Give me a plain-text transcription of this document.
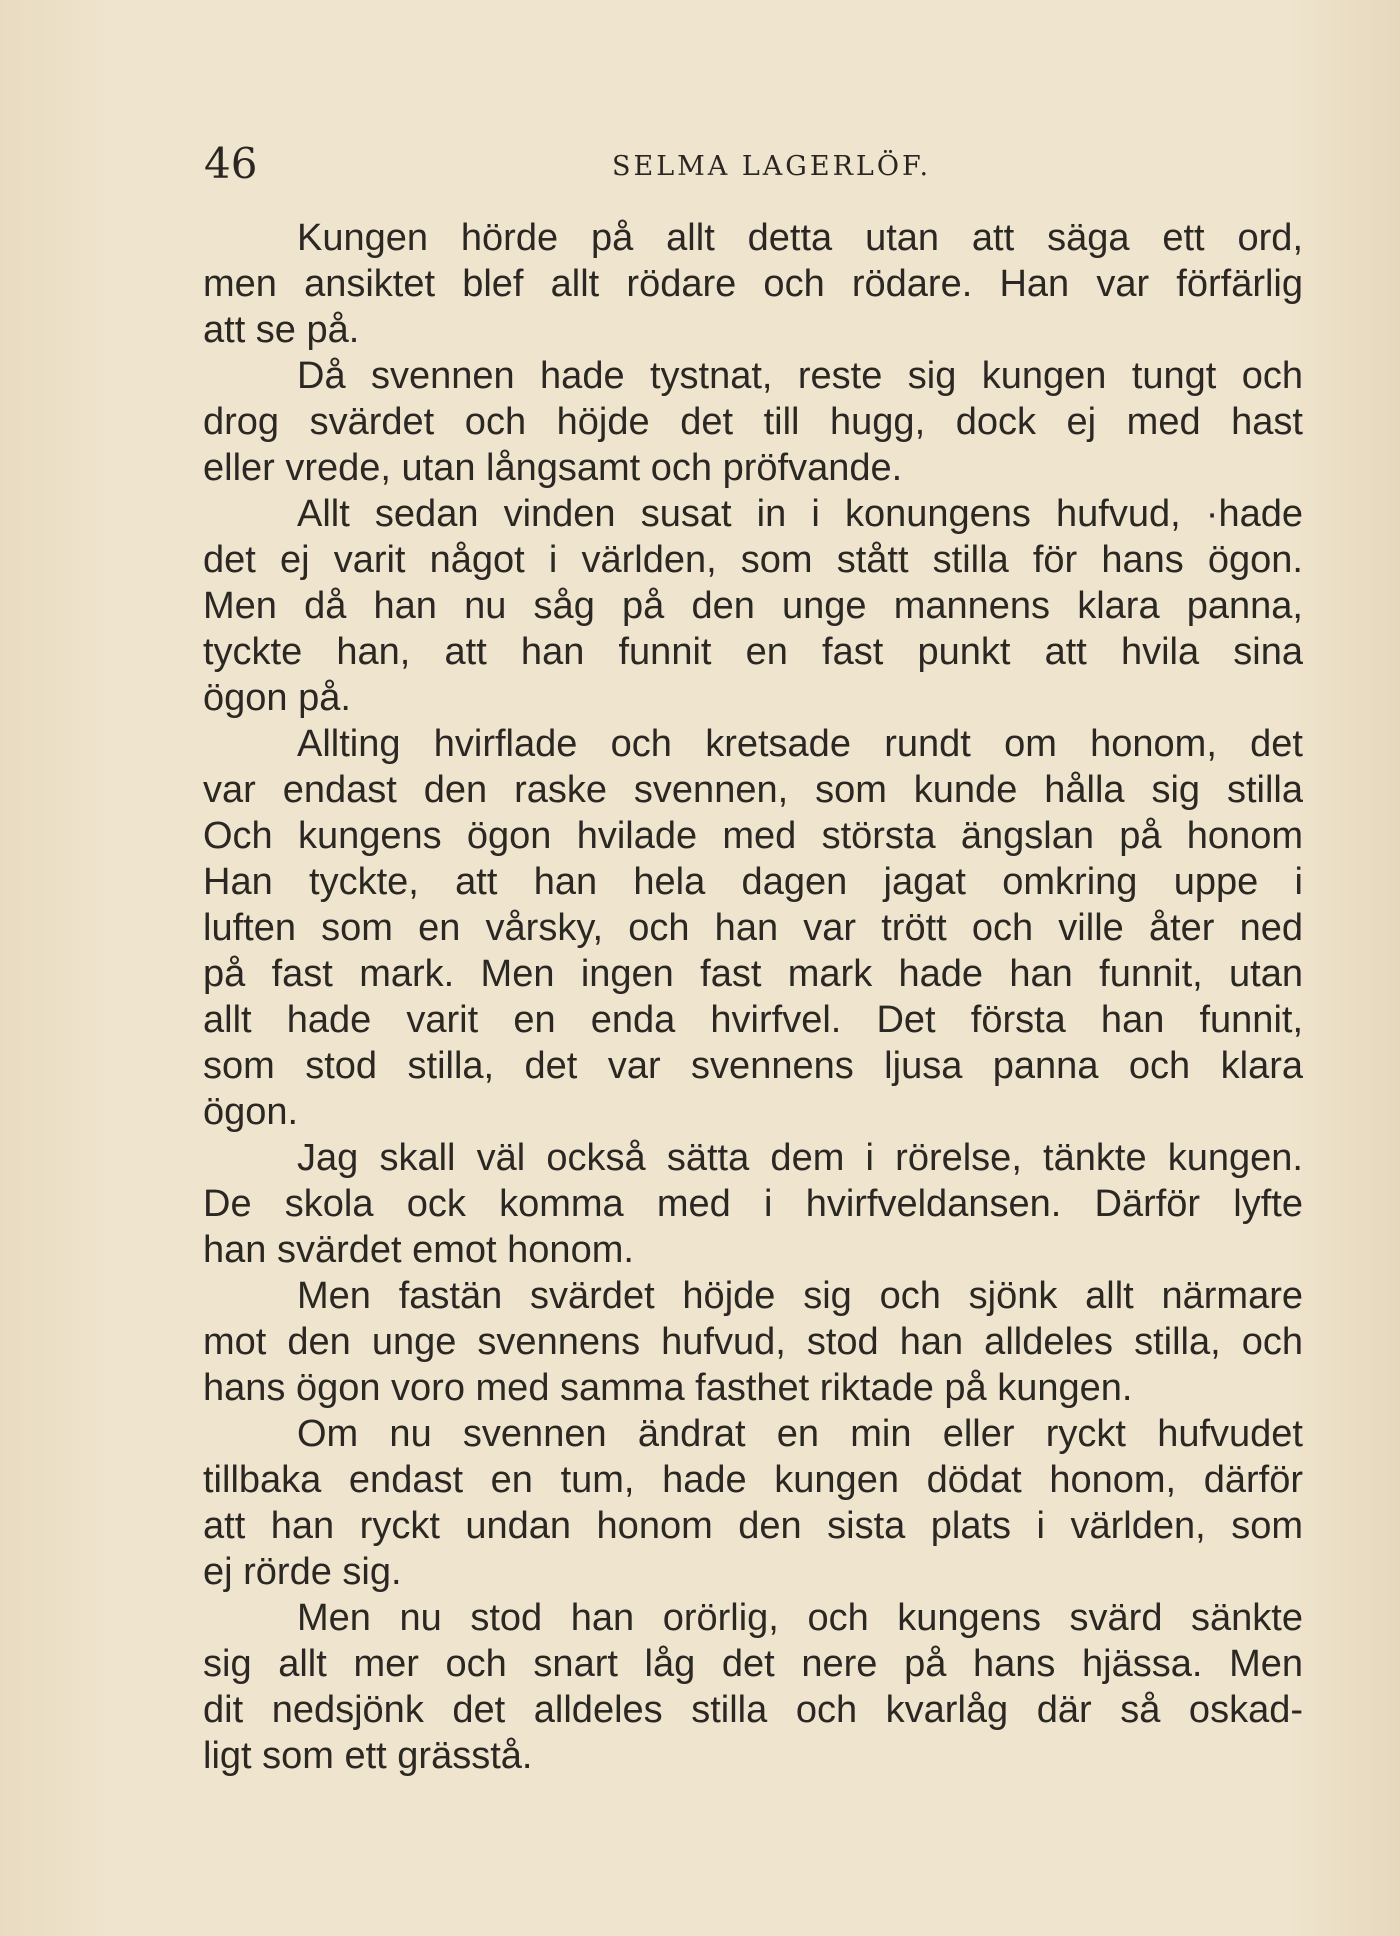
46	SELMA LAGERLÖF.
Kungen hörde på allt detta utan att säga ett ord,
men ansiktet blef allt rödare och rödare. Han var förfärlig
att se på.
Då svennen hade tystnat, reste sig kungen tungt och
drog svärdet och höjde det till hugg, dock ej med hast
eller vrede, utan långsamt och pröfvande.
Allt sedan vinden susat in i konungens hufvud, ·hade
det ej varit något i världen, som stått stilla för hans ögon.
Men då han nu såg på den unge mannens klara panna,
tyckte han, att han funnit en fast punkt att hvila sina
ögon på.
Allting hvirflade och kretsade rundt om honom, det
var endast den raske svennen, som kunde hålla sig stilla
Och kungens ögon hvilade med största ängslan på honom
Han tyckte, att han hela dagen jagat omkring uppe i
luften som en vårsky, och han var trött och ville åter ned
på fast mark. Men ingen fast mark hade han funnit, utan
allt hade varit en enda hvirfvel. Det första han funnit,
som stod stilla, det var svennens ljusa panna och klara
ögon.
Jag skall väl också sätta dem i rörelse, tänkte kungen.
De skola ock komma med i hvirfveldansen. Därför lyfte
han svärdet emot honom.
Men fastän svärdet höjde sig och sjönk allt närmare
mot den unge svennens hufvud, stod han alldeles stilla, och
hans ögon voro med samma fasthet riktade på kungen.
Om nu svennen ändrat en min eller ryckt hufvudet
tillbaka endast en tum, hade kungen dödat honom, därför
att han ryckt undan honom den sista plats i världen, som
ej rörde sig.
Men nu stod han orörlig, och kungens svärd sänkte
sig allt mer och snart låg det nere på hans hjässa. Men
dit nedsjönk det alldeles stilla och kvarlåg där så oskad-
ligt som ett grässtå.
